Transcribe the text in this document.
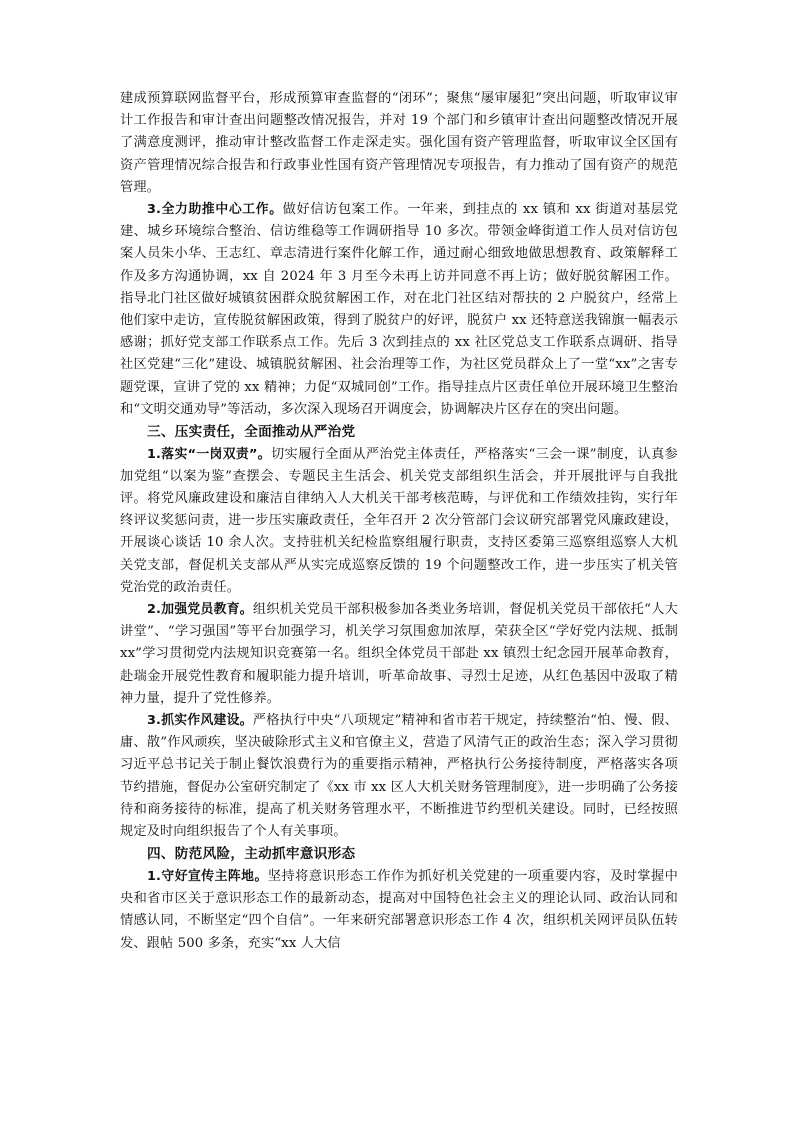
建成预算联网监督平台，形成预算审查监督的“闭环”；聚焦“屡审屡犯”突出问题，听取审议审计工作报告和审计查出问题整改情况报告，并对 19 个部门和乡镇审计查出问题整改情况开展了满意度测评，推动审计整改监督工作走深走实。强化国有资产管理监督，听取审议全区国有资产管理情况综合报告和行政事业性国有资产管理情况专项报告，有力推动了国有资产的规范管理。

3.全力助推中心工作。做好信访包案工作。一年来，到挂点的 xx 镇和 xx 街道对基层党建、城乡环境综合整治、信访维稳等工作调研指导 10 多次。带领金峰街道工作人员对信访包案人员朱小华、王志红、章志清进行案件化解工作，通过耐心细致地做思想教育、政策解释工作及多方沟通协调，xx 自 2024 年 3 月至今未再上访并同意不再上访；做好脱贫解困工作。指导北门社区做好城镇贫困群众脱贫解困工作，对在北门社区结对帮扶的 2 户脱贫户，经常上他们家中走访，宣传脱贫解困政策，得到了脱贫户的好评，脱贫户 xx 还特意送我锦旗一幅表示感谢；抓好党支部工作联系点工作。先后 3 次到挂点的 xx 社区党总支工作联系点调研、指导社区党建“三化”建设、城镇脱贫解困、社会治理等工作，为社区党员群众上了一堂“xx”之害专题党课，宣讲了党的 xx 精神；力促“双城同创”工作。指导挂点片区责任单位开展环境卫生整治和“文明交通劝导”等活动，多次深入现场召开调度会，协调解决片区存在的突出问题。

三、压实责任，全面推动从严治党

1.落实“一岗双责”。切实履行全面从严治党主体责任，严格落实“三会一课”制度，认真参加党组“以案为鉴”查摆会、专题民主生活会、机关党支部组织生活会，并开展批评与自我批评。将党风廉政建设和廉洁自律纳入人大机关干部考核范畴，与评优和工作绩效挂钩，实行年终评议奖惩问责，进一步压实廉政责任，全年召开 2 次分管部门会议研究部署党风廉政建设，开展谈心谈话 10 余人次。支持驻机关纪检监察组履行职责，支持区委第三巡察组巡察人大机关党支部，督促机关支部从严从实完成巡察反馈的 19 个问题整改工作，进一步压实了机关管党治党的政治责任。

2.加强党员教育。组织机关党员干部积极参加各类业务培训，督促机关党员干部依托“人大讲堂”、“学习强国”等平台加强学习，机关学习氛围愈加浓厚，荣获全区“学好党内法规、抵制 xx”学习贯彻党内法规知识竞赛第一名。组织全体党员干部赴 xx 镇烈士纪念园开展革命教育，赴瑞金开展党性教育和履职能力提升培训，听革命故事、寻烈士足迹，从红色基因中汲取了精神力量，提升了党性修养。

3.抓实作风建设。严格执行中央“八项规定”精神和省市若干规定，持续整治“怕、慢、假、庸、散”作风顽疾，坚决破除形式主义和官僚主义，营造了风清气正的政治生态；深入学习贯彻习近平总书记关于制止餐饮浪费行为的重要指示精神，严格执行公务接待制度，严格落实各项节约措施，督促办公室研究制定了《xx 市 xx 区人大机关财务管理制度》，进一步明确了公务接待和商务接待的标准，提高了机关财务管理水平，不断推进节约型机关建设。同时，已经按照规定及时向组织报告了个人有关事项。

四、防范风险，主动抓牢意识形态

1.守好宣传主阵地。坚持将意识形态工作作为抓好机关党建的一项重要内容，及时掌握中央和省市区关于意识形态工作的最新动态，提高对中国特色社会主义的理论认同、政治认同和情感认同，不断坚定“四个自信”。一年来研究部署意识形态工作 4 次，组织机关网评员队伍转发、跟帖 500 多条，充实“xx 人大信
